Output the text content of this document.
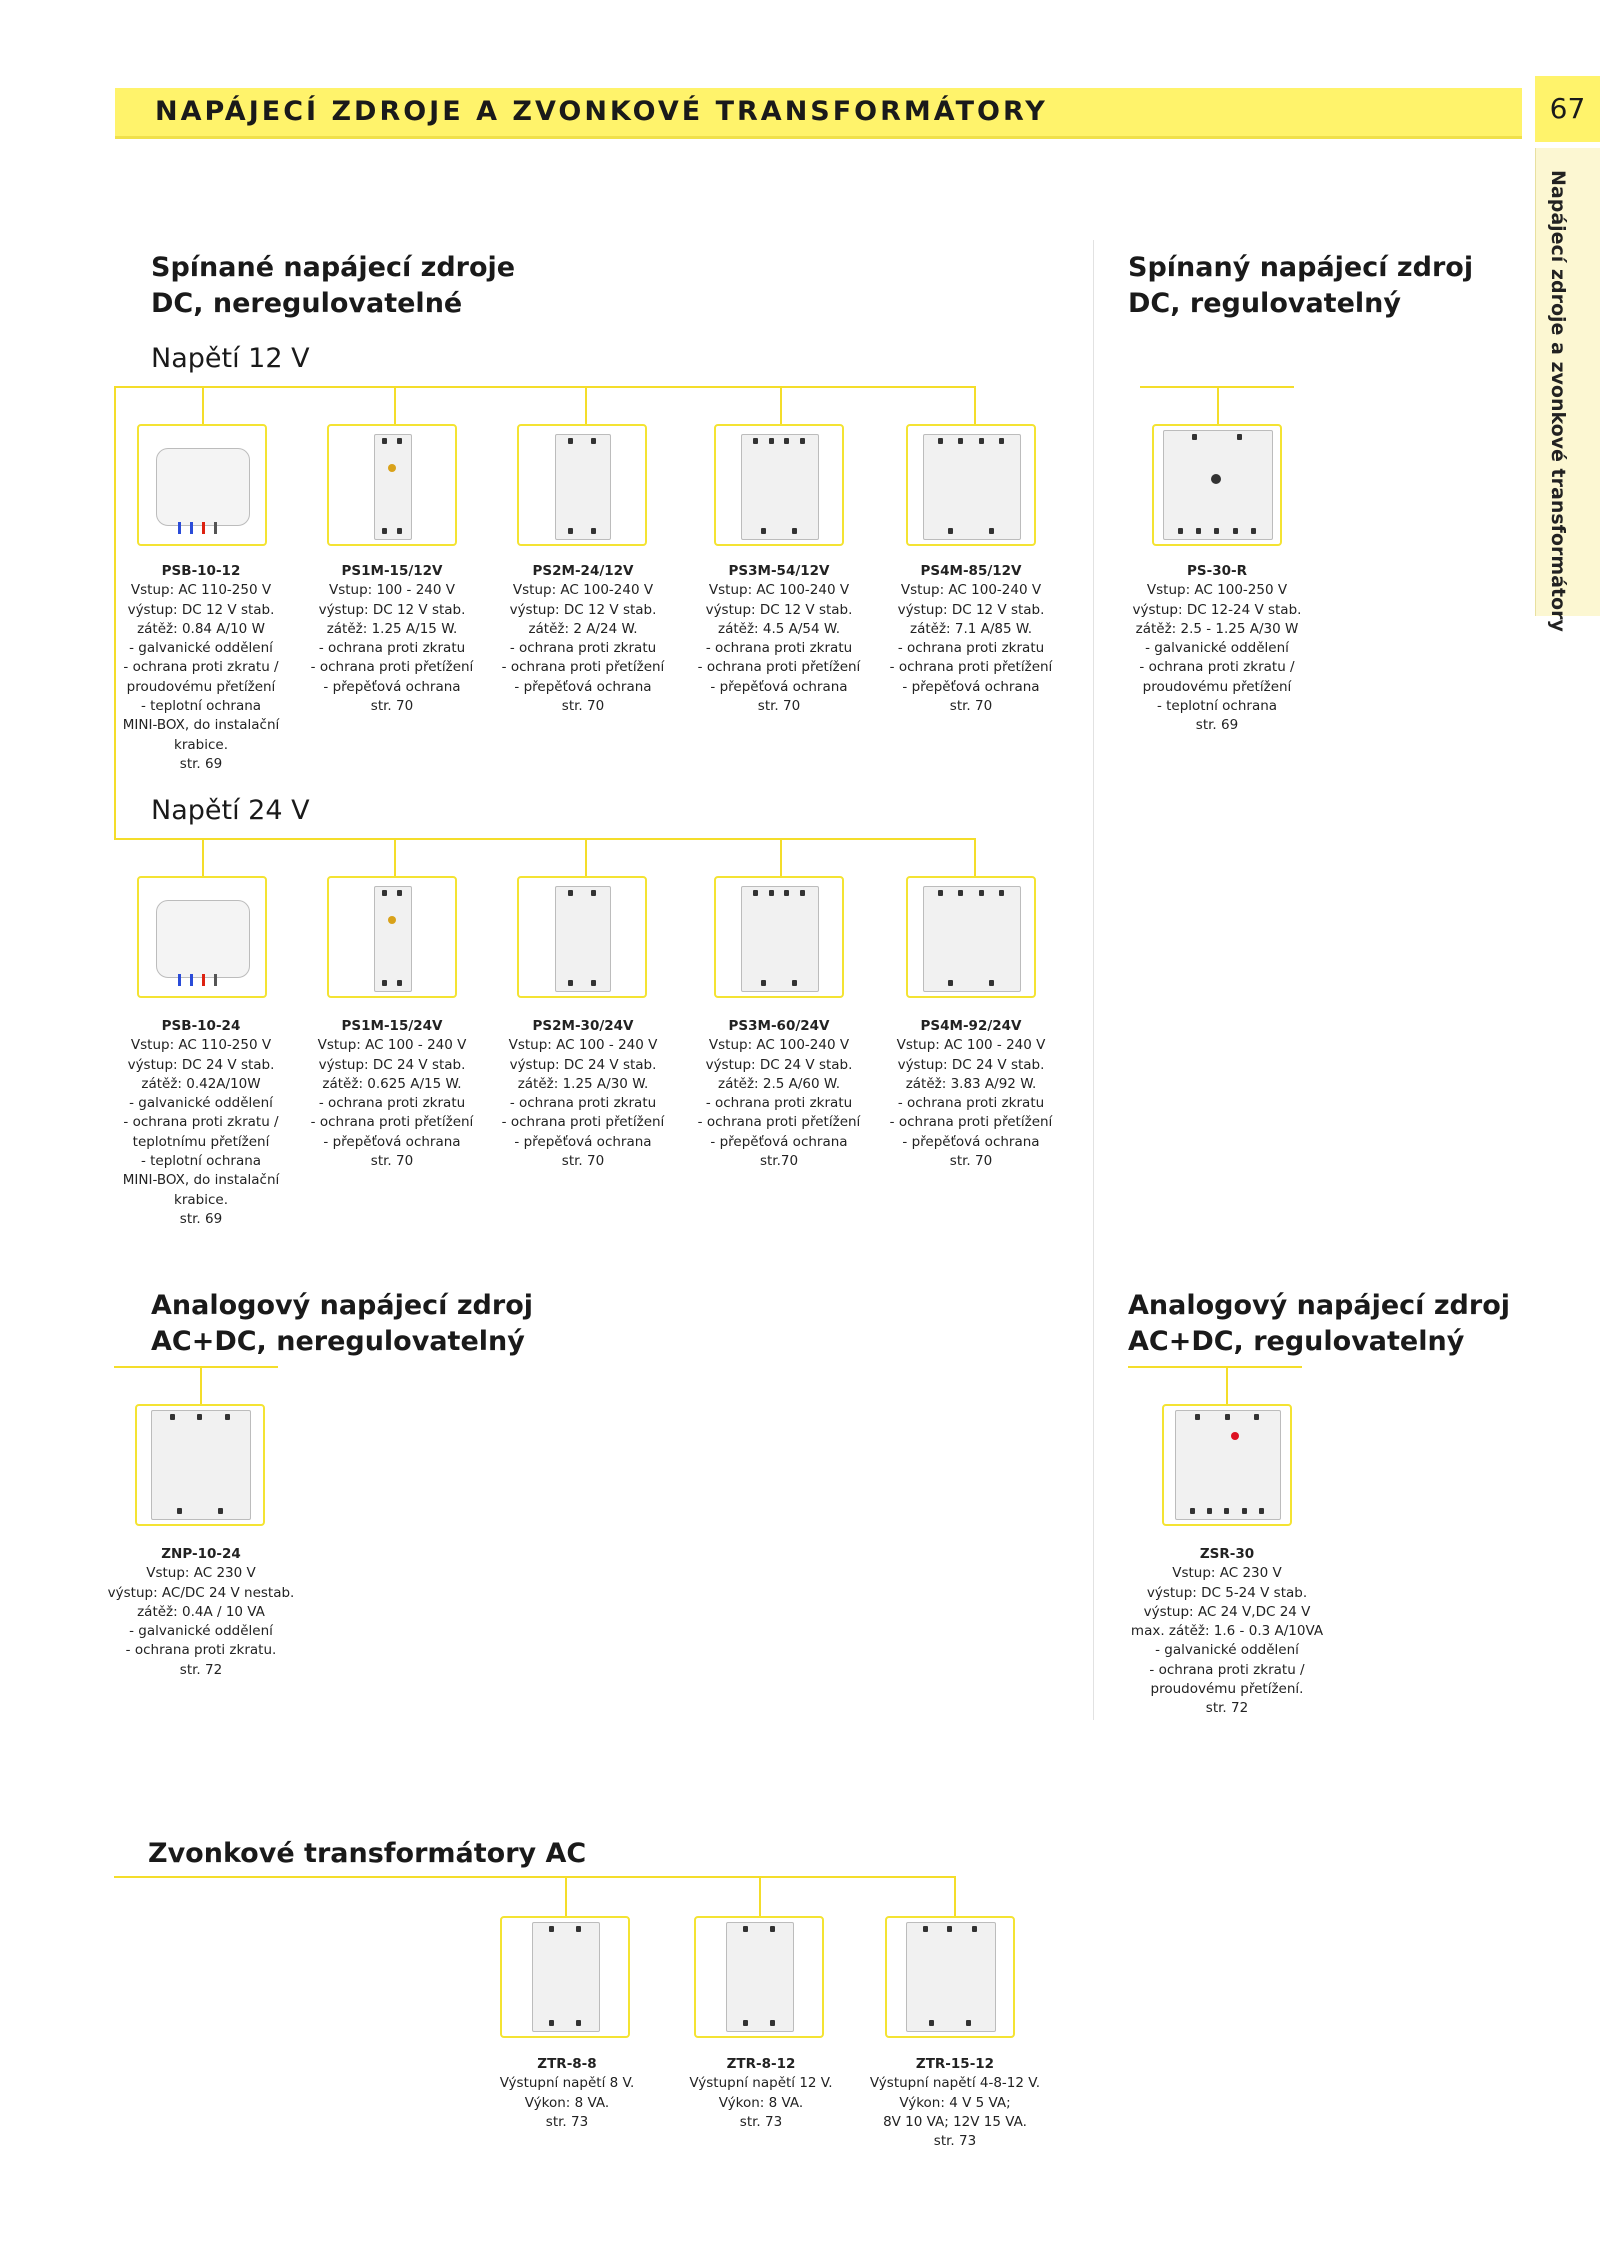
NAPÁJECÍ ZDROJE A ZVONKOVÉ TRANSFORMÁTORY	67
Napájecí zdroje a zvonkové transformátory
Spínané napájecí zdroje
DC, neregulovatelné
Napětí 12 V
Napětí 24 V
Spínaný napájecí zdroj
DC, regulovatelný
Analogový napájecí zdroj
AC+DC, neregulovatelný
Analogový napájecí zdroj
AC+DC, regulovatelný
Zvonkové transformátory AC
PSB-10-12
Vstup: AC 110-250 V
výstup: DC 12 V stab.
zátěž: 0.84 A/10 W
- galvanické oddělení
- ochrana proti zkratu /
proudovému přetížení
- teplotní ochrana
MINI-BOX, do instalační
krabice.
str. 69
PS1M-15/12V
Vstup: 100 - 240 V
výstup: DC 12 V stab.
zátěž: 1.25 A/15 W.
- ochrana proti zkratu
- ochrana proti přetížení
- přepěťová ochrana
str. 70
PS2M-24/12V
Vstup: AC 100-240 V
výstup: DC 12 V stab.
zátěž: 2 A/24 W.
- ochrana proti zkratu
- ochrana proti přetížení
- přepěťová ochrana
str. 70
PS3M-54/12V
Vstup: AC 100-240 V
výstup: DC 12 V stab.
zátěž: 4.5 A/54 W.
- ochrana proti zkratu
- ochrana proti přetížení
- přepěťová ochrana
str. 70
PS4M-85/12V
Vstup: AC 100-240 V
výstup: DC 12 V stab.
zátěž: 7.1 A/85 W.
- ochrana proti zkratu
- ochrana proti přetížení
- přepěťová ochrana
str. 70
PS-30-R
Vstup: AC 100-250 V
výstup: DC 12-24 V stab.
zátěž: 2.5 - 1.25 A/30 W
- galvanické oddělení
- ochrana proti zkratu /
proudovému přetížení
- teplotní ochrana
str. 69
PSB-10-24
Vstup: AC 110-250 V
výstup: DC 24 V stab.
zátěž: 0.42A/10W
- galvanické oddělení
- ochrana proti zkratu /
teplotnímu přetížení
- teplotní ochrana
MINI-BOX, do instalační
krabice.
str. 69
PS1M-15/24V
Vstup: AC 100 - 240 V
výstup: DC 24 V stab.
zátěž: 0.625 A/15 W.
- ochrana proti zkratu
- ochrana proti přetížení
- přepěťová ochrana
str. 70
PS2M-30/24V
Vstup: AC 100 - 240 V
výstup: DC 24 V stab.
zátěž: 1.25 A/30 W.
- ochrana proti zkratu
- ochrana proti přetížení
- přepěťová ochrana
str. 70
PS3M-60/24V
Vstup: AC 100-240 V
výstup: DC 24 V stab.
zátěž: 2.5 A/60 W.
- ochrana proti zkratu
- ochrana proti přetížení
- přepěťová ochrana
str.70
PS4M-92/24V
Vstup: AC 100 - 240 V
výstup: DC 24 V stab.
zátěž: 3.83 A/92 W.
- ochrana proti zkratu
- ochrana proti přetížení
- přepěťová ochrana
str. 70
ZNP-10-24
Vstup: AC 230 V
výstup: AC/DC 24 V nestab.
zátěž: 0.4A / 10 VA
- galvanické oddělení
- ochrana proti zkratu.
str. 72
ZSR-30
Vstup: AC 230 V
výstup: DC 5-24 V stab.
výstup: AC 24 V,DC 24 V
max. zátěž: 1.6 - 0.3 A/10VA
- galvanické oddělení
- ochrana proti zkratu /
proudovému přetížení.
str. 72
ZTR-8-8
Výstupní napětí 8 V.
Výkon: 8 VA.
str. 73
ZTR-8-12
Výstupní napětí 12 V.
Výkon: 8 VA.
str. 73
ZTR-15-12
Výstupní napětí 4-8-12 V.
Výkon: 4 V 5 VA;
8V 10 VA; 12V 15 VA.
str. 73
